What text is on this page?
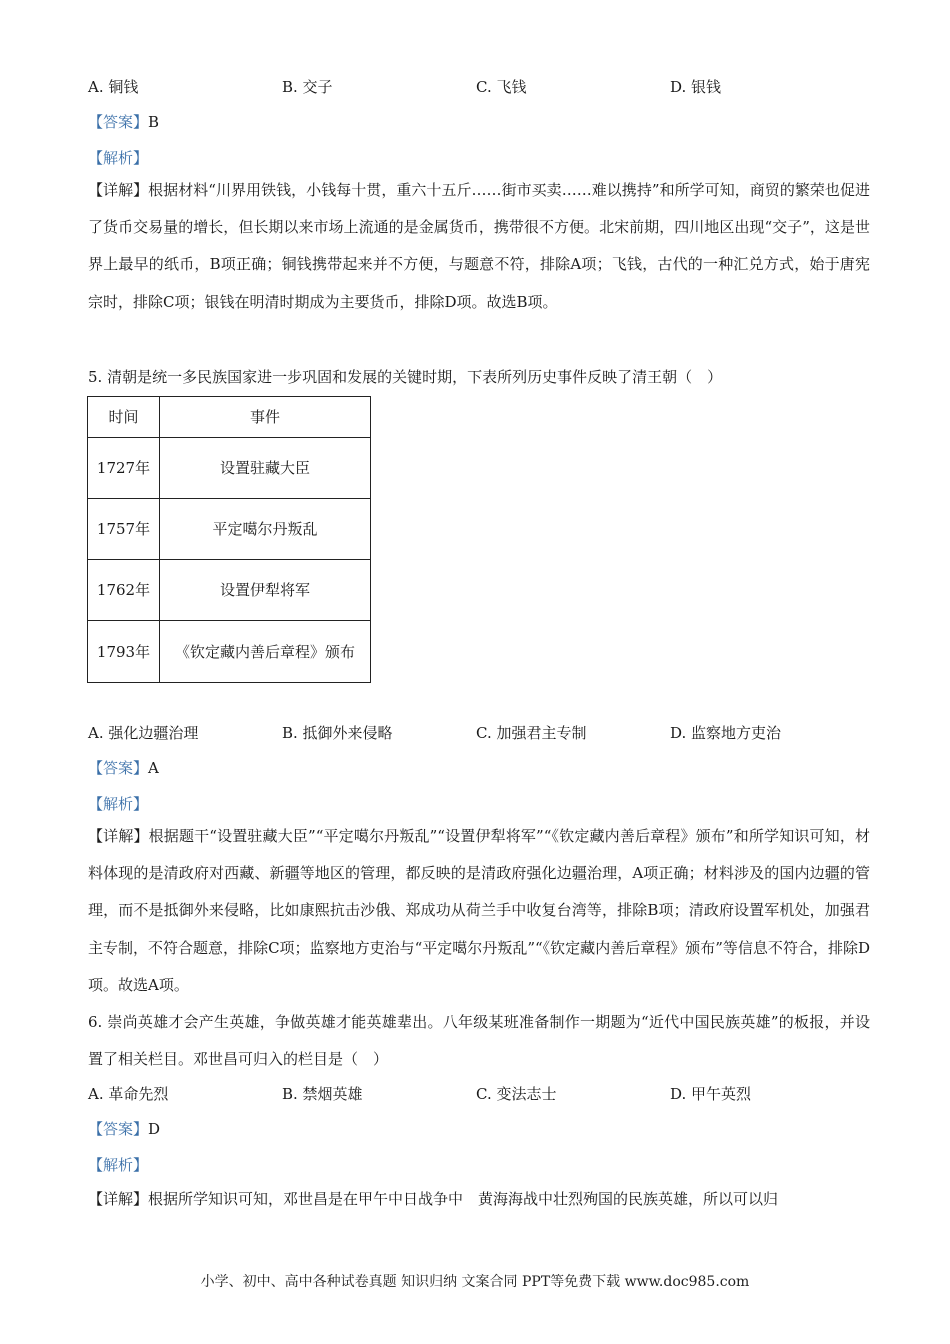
A. 铜钱	B. 交子	C. 飞钱	D. 银钱
【答案】B
【解析】
【详解】根据材料“川界用铁钱，小钱每十贯，重六十五斤……街市买卖……难以携持”和所学可知，商贸的繁荣也促进了货币交易量的增长，但长期以来市场上流通的是金属货币，携带很不方便。北宋前期，四川地区出现“交子”，这是世界上最早的纸币，B项正确；铜钱携带起来并不方便，与题意不符，排除A项；飞钱，古代的一种汇兑方式，始于唐宪宗时，排除C项；银钱在明清时期成为主要货币，排除D项。故选B项。
5. 清朝是统一多民族国家进一步巩固和发展的关键时期，下表所列历史事件反映了清王朝（　）
时间	事件
1727年	设置驻藏大臣
1757年	平定噶尔丹叛乱
1762年	设置伊犁将军
1793年	《钦定藏内善后章程》颁布
A. 强化边疆治理	B. 抵御外来侵略	C. 加强君主专制	D. 监察地方吏治
【答案】A
【解析】
【详解】根据题干“设置驻藏大臣”“平定噶尔丹叛乱”“设置伊犁将军”“《钦定藏内善后章程》颁布”和所学知识可知，材料体现的是清政府对西藏、新疆等地区的管理，都反映的是清政府强化边疆治理，A项正确；材料涉及的国内边疆的管理，而不是抵御外来侵略，比如康熙抗击沙俄、郑成功从荷兰手中收复台湾等，排除B项；清政府设置军机处，加强君主专制，不符合题意，排除C项；监察地方吏治与“平定噶尔丹叛乱”“《钦定藏内善后章程》颁布”等信息不符合，排除D项。故选A项。
6. 崇尚英雄才会产生英雄，争做英雄才能英雄辈出。八年级某班准备制作一期题为“近代中国民族英雄”的板报，并设置了相关栏目。邓世昌可归入的栏目是（　）
A. 革命先烈	B. 禁烟英雄	C. 变法志士	D. 甲午英烈
【答案】D
【解析】
【详解】根据所学知识可知，邓世昌是在甲午中日战争中　黄海海战中壮烈殉国的民族英雄，所以可以归
小学、初中、高中各种试卷真题 知识归纳 文案合同 PPT等免费下载 www.doc985.com
